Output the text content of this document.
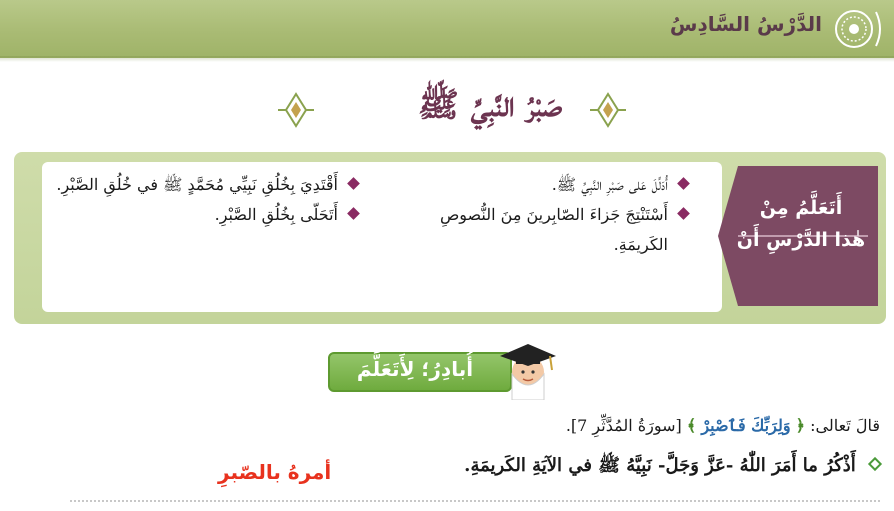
الدَّرْسُ السَّادِسُ
صَبْرُ النَّبِيِّ ﷺ
أَتَعَلَّمُ مِنْ
هٰذا الدَّرْسِ أَنْ
أُدَلِّلَ عَلى صَبْرِ النَّبِيِّ ﷺ.
أَسْتَنْتِجَ جَزاءَ الصّابِرينَ مِنَ النُّصوصِ الكَريمَةِ.
أَقْتَدِيَ بِخُلُقِ نَبِيِّي مُحَمَّدٍ ﷺ في خُلُقِ الصَّبْرِ.
أَتَحَلّى بِخُلُقِ الصَّبْرِ.
أُبادِرُ؛ لِأَتَعَلَّمَ
قالَ تَعالى: ﴿ وَلِرَبِّكَ فَٱصْبِرْ ﴾ [سورَةُ المُدَّثِّرِ 7].
أَذْكُرُ ما أَمَرَ اللّٰهُ -عَزَّ وَجَلَّ- نَبِيَّهُ ﷺ في الآيَةِ الكَريمَةِ.
أمرهُ بالصّبرِ
